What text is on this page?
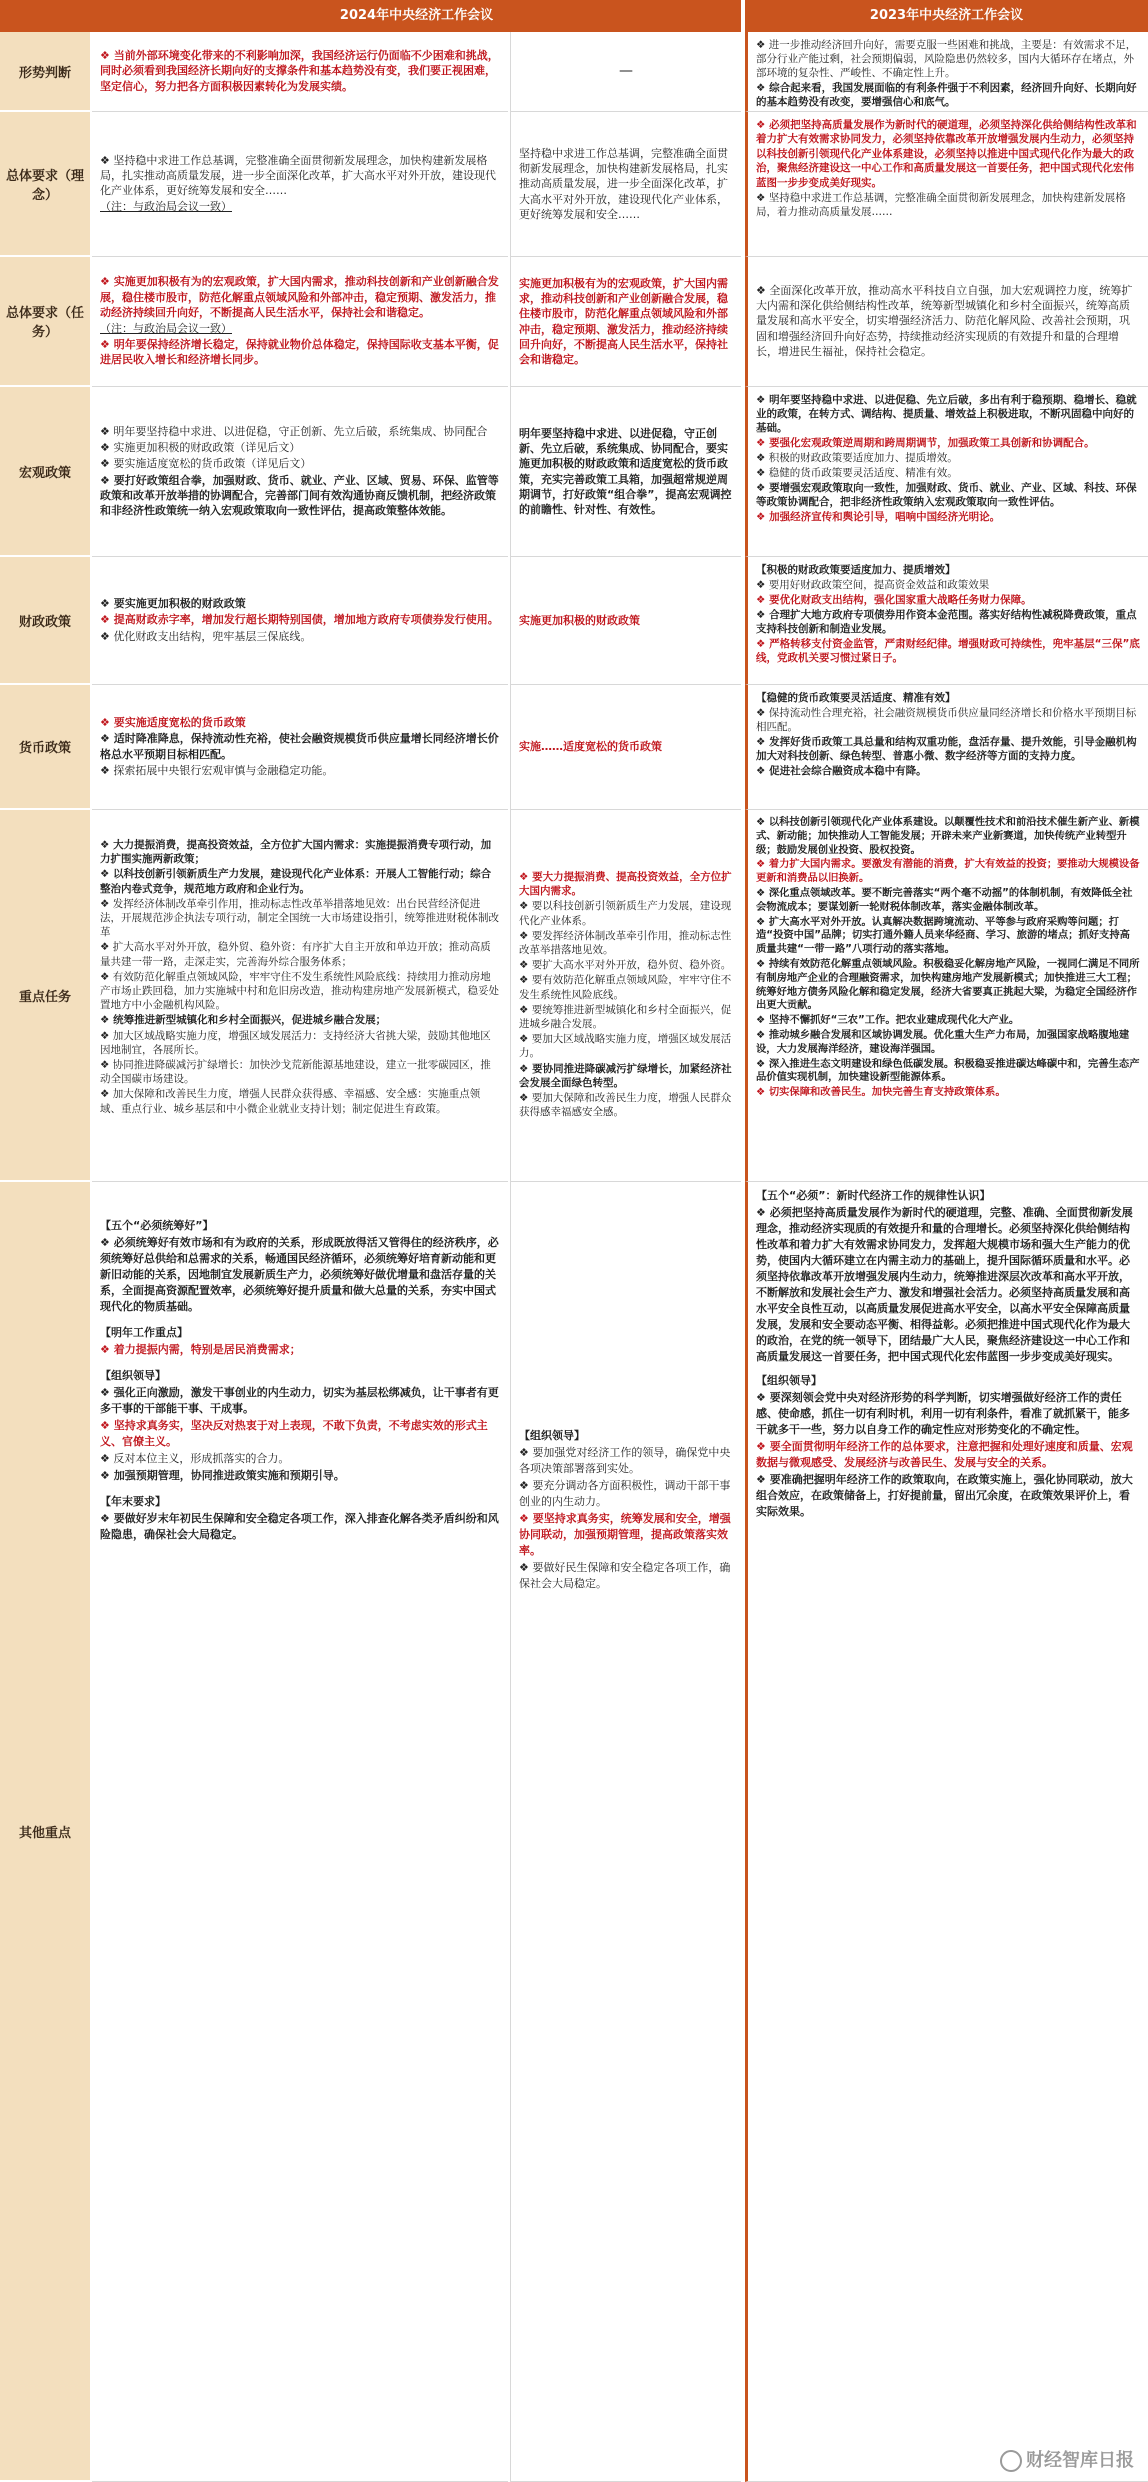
2024年中央经济工作会议	2023年中央经济工作会议
形势判断

❖ 当前外部环境变化带来的不利影响加深，我国经济运行仍面临不少困难和挑战，同时必须看到我国经济长期向好的支撑条件和基本趋势没有变，我们要正视困难，坚定信心，努力把各方面积极因素转化为发展实绩。

—

❖ 进一步推动经济回升向好，需要克服一些困难和挑战，主要是：有效需求不足，部分行业产能过剩，社会预期偏弱，风险隐患仍然较多，国内大循环存在堵点，外部环境的复杂性、严峻性、不确定性上升。

❖ 综合起来看，我国发展面临的有利条件强于不利因素，经济回升向好、长期向好的基本趋势没有改变，要增强信心和底气。

总体要求（理念）

❖ 坚持稳中求进工作总基调，完整准确全面贯彻新发展理念，加快构建新发展格局，扎实推动高质量发展，进一步全面深化改革，扩大高水平对外开放，建设现代化产业体系，更好统筹发展和安全……

（注：与政治局会议一致）

坚持稳中求进工作总基调，完整准确全面贯彻新发展理念，加快构建新发展格局，扎实推动高质量发展，进一步全面深化改革，扩大高水平对外开放，建设现代化产业体系，更好统筹发展和安全……

❖ 必须把坚持高质量发展作为新时代的硬道理，必须坚持深化供给侧结构性改革和着力扩大有效需求协同发力，必须坚持依靠改革开放增强发展内生动力，必须坚持以科技创新引领现代化产业体系建设，必须坚持以推进中国式现代化作为最大的政治，聚焦经济建设这一中心工作和高质量发展这一首要任务，把中国式现代化宏伟蓝图一步步变成美好现实。

❖ 坚持稳中求进工作总基调，完整准确全面贯彻新发展理念，加快构建新发展格局，着力推动高质量发展……

总体要求（任务）

❖ 实施更加积极有为的宏观政策，扩大国内需求，推动科技创新和产业创新融合发展，稳住楼市股市，防范化解重点领域风险和外部冲击，稳定预期、激发活力，推动经济持续回升向好，不断提高人民生活水平，保持社会和谐稳定。

（注：与政治局会议一致）

❖ 明年要保持经济增长稳定，保持就业物价总体稳定，保持国际收支基本平衡，促进居民收入增长和经济增长同步。

实施更加积极有为的宏观政策，扩大国内需求，推动科技创新和产业创新融合发展，稳住楼市股市，防范化解重点领域风险和外部冲击，稳定预期、激发活力，推动经济持续回升向好，不断提高人民生活水平，保持社会和谐稳定。

❖ 全面深化改革开放，推动高水平科技自立自强，加大宏观调控力度，统筹扩大内需和深化供给侧结构性改革，统筹新型城镇化和乡村全面振兴，统筹高质量发展和高水平安全，切实增强经济活力、防范化解风险、改善社会预期，巩固和增强经济回升向好态势，持续推动经济实现质的有效提升和量的合理增长，增进民生福祉，保持社会稳定。

宏观政策

❖ 明年要坚持稳中求进、以进促稳，守正创新、先立后破，系统集成、协同配合

❖ 实施更加积极的财政政策（详见后文）

❖ 要实施适度宽松的货币政策（详见后文）

❖ 要打好政策组合拳，加强财政、货币、就业、产业、区域、贸易、环保、监管等政策和改革开放举措的协调配合，完善部门间有效沟通协商反馈机制，把经济政策和非经济性政策统一纳入宏观政策取向一致性评估，提高政策整体效能。

明年要坚持稳中求进、以进促稳，守正创新、先立后破，系统集成、协同配合，要实施更加积极的财政政策和适度宽松的货币政策，充实完善政策工具箱，加强超常规逆周期调节，打好政策“组合拳”，提高宏观调控的前瞻性、针对性、有效性。

❖ 明年要坚持稳中求进、以进促稳、先立后破，多出有利于稳预期、稳增长、稳就业的政策，在转方式、调结构、提质量、增效益上积极进取，不断巩固稳中向好的基础。

❖ 要强化宏观政策逆周期和跨周期调节，加强政策工具创新和协调配合。

❖ 积极的财政政策要适度加力、提质增效。

❖ 稳健的货币政策要灵活适度、精准有效。

❖ 要增强宏观政策取向一致性，加强财政、货币、就业、产业、区域、科技、环保等政策协调配合，把非经济性政策纳入宏观政策取向一致性评估。

❖ 加强经济宣传和舆论引导，唱响中国经济光明论。

财政政策

❖ 要实施更加积极的财政政策

❖ 提高财政赤字率，增加发行超长期特别国债，增加地方政府专项债券发行使用。

❖ 优化财政支出结构，兜牢基层三保底线。

实施更加积极的财政政策

【积极的财政政策要适度加力、提质增效】

❖ 要用好财政政策空间，提高资金效益和政策效果

❖ 要优化财政支出结构，强化国家重大战略任务财力保障。

❖ 合理扩大地方政府专项债券用作资本金范围。落实好结构性减税降费政策，重点支持科技创新和制造业发展。

❖ 严格转移支付资金监管，严肃财经纪律。增强财政可持续性，兜牢基层“三保”底线，党政机关要习惯过紧日子。

货币政策

❖ 要实施适度宽松的货币政策

❖ 适时降准降息，保持流动性充裕，使社会融资规模货币供应量增长同经济增长价格总水平预期目标相匹配。

❖ 探索拓展中央银行宏观审慎与金融稳定功能。

实施……适度宽松的货币政策

【稳健的货币政策要灵活适度、精准有效】

❖ 保持流动性合理充裕，社会融资规模货币供应量同经济增长和价格水平预期目标相匹配。

❖ 发挥好货币政策工具总量和结构双重功能，盘活存量、提升效能，引导金融机构加大对科技创新、绿色转型、普惠小微、数字经济等方面的支持力度。

❖ 促进社会综合融资成本稳中有降。

重点任务

❖ 大力提振消费，提高投资效益，全方位扩大国内需求：实施提振消费专项行动，加力扩围实施两新政策；

❖ 以科技创新引领新质生产力发展，建设现代化产业体系：开展人工智能行动；综合整治内卷式竞争，规范地方政府和企业行为。

❖ 发挥经济体制改革牵引作用，推动标志性改革举措落地见效：出台民营经济促进法，开展规范涉企执法专项行动，制定全国统一大市场建设指引，统筹推进财税体制改革

❖ 扩大高水平对外开放，稳外贸、稳外资：有序扩大自主开放和单边开放；推动高质量共建一带一路，走深走实，完善海外综合服务体系；

❖ 有效防范化解重点领域风险，牢牢守住不发生系统性风险底线：持续用力推动房地产市场止跌回稳，加力实施城中村和危旧房改造，推动构建房地产发展新模式，稳妥处置地方中小金融机构风险。

❖ 统筹推进新型城镇化和乡村全面振兴，促进城乡融合发展；

❖ 加大区域战略实施力度，增强区域发展活力：支持经济大省挑大梁，鼓励其他地区因地制宜，各展所长。

❖ 协同推进降碳减污扩绿增长：加快沙戈荒新能源基地建设，建立一批零碳园区，推动全国碳市场建设。

❖ 加大保障和改善民生力度，增强人民群众获得感、幸福感、安全感：实施重点领域、重点行业、城乡基层和中小微企业就业支持计划；制定促进生育政策。

❖ 要大力提振消费、提高投资效益，全方位扩大国内需求。

❖ 要以科技创新引领新质生产力发展，建设现代化产业体系。

❖ 要发挥经济体制改革牵引作用，推动标志性改革举措落地见效。

❖ 要扩大高水平对外开放，稳外贸、稳外资。

❖ 要有效防范化解重点领域风险，牢牢守住不发生系统性风险底线。

❖ 要统筹推进新型城镇化和乡村全面振兴，促进城乡融合发展。

❖ 要加大区域战略实施力度，增强区域发展活力。

❖ 要协同推进降碳减污扩绿增长，加紧经济社会发展全面绿色转型。

❖ 要加大保障和改善民生力度，增强人民群众获得感幸福感安全感。

❖ 以科技创新引领现代化产业体系建设。以颠覆性技术和前沿技术催生新产业、新模式、新动能；加快推动人工智能发展；开辟未来产业新赛道，加快传统产业转型升级；鼓励发展创业投资、股权投资。

❖ 着力扩大国内需求。要激发有潜能的消费，扩大有效益的投资；要推动大规模设备更新和消费品以旧换新。

❖ 深化重点领域改革。要不断完善落实“两个毫不动摇”的体制机制，有效降低全社会物流成本；要谋划新一轮财税体制改革，落实金融体制改革。

❖ 扩大高水平对外开放。认真解决数据跨境流动、平等参与政府采购等问题；打造“投资中国”品牌；切实打通外籍人员来华经商、学习、旅游的堵点；抓好支持高质量共建“一带一路”八项行动的落实落地。

❖ 持续有效防范化解重点领域风险。积极稳妥化解房地产风险，一视同仁满足不同所有制房地产企业的合理融资需求，加快构建房地产发展新模式；加快推进三大工程；统筹好地方债务风险化解和稳定发展，经济大省要真正挑起大梁，为稳定全国经济作出更大贡献。

❖ 坚持不懈抓好“三农”工作。把农业建成现代化大产业。

❖ 推动城乡融合发展和区域协调发展。优化重大生产力布局，加强国家战略腹地建设，大力发展海洋经济，建设海洋强国。

❖ 深入推进生态文明建设和绿色低碳发展。积极稳妥推进碳达峰碳中和，完善生态产品价值实现机制，加快建设新型能源体系。

❖ 切实保障和改善民生。加快完善生育支持政策体系。

其他重点

【五个“必须统筹好”】

❖ 必须统筹好有效市场和有为政府的关系，形成既放得活又管得住的经济秩序，必须统筹好总供给和总需求的关系，畅通国民经济循环，必须统筹好培育新动能和更新旧动能的关系，因地制宜发展新质生产力，必须统筹好做优增量和盘活存量的关系，全面提高资源配置效率，必须统筹好提升质量和做大总量的关系，夯实中国式现代化的物质基础。

【明年工作重点】

❖ 着力提振内需，特别是居民消费需求；

【组织领导】

❖ 强化正向激励，激发干事创业的内生动力，切实为基层松绑减负，让干事者有更多干事的干部能干事、干成事。

❖ 坚持求真务实，坚决反对热衷于对上表现，不敢下负责，不考虑实效的形式主义、官僚主义。

❖ 反对本位主义，形成抓落实的合力。

❖ 加强预期管理，协同推进政策实施和预期引导。

【年末要求】

❖ 要做好岁末年初民生保障和安全稳定各项工作，深入排查化解各类矛盾纠纷和风险隐患，确保社会大局稳定。

【组织领导】

❖ 要加强党对经济工作的领导，确保党中央各项决策部署落到实处。

❖ 要充分调动各方面积极性，调动干部干事创业的内生动力。

❖ 要坚持求真务实，统筹发展和安全，增强协同联动，加强预期管理，提高政策落实效率。

❖ 要做好民生保障和安全稳定各项工作，确保社会大局稳定。

【五个“必须”：新时代经济工作的规律性认识】

❖ 必须把坚持高质量发展作为新时代的硬道理，完整、准确、全面贯彻新发展理念，推动经济实现质的有效提升和量的合理增长。必须坚持深化供给侧结构性改革和着力扩大有效需求协同发力，发挥超大规模市场和强大生产能力的优势，使国内大循环建立在内需主动力的基础上，提升国际循环质量和水平。必须坚持依靠改革开放增强发展内生动力，统筹推进深层次改革和高水平开放，不断解放和发展社会生产力、激发和增强社会活力。必须坚持高质量发展和高水平安全良性互动，以高质量发展促进高水平安全，以高水平安全保障高质量发展，发展和安全要动态平衡、相得益彰。必须把推进中国式现代化作为最大的政治，在党的统一领导下，团结最广大人民，聚焦经济建设这一中心工作和高质量发展这一首要任务，把中国式现代化宏伟蓝图一步步变成美好现实。

【组织领导】

❖ 要深刻领会党中央对经济形势的科学判断，切实增强做好经济工作的责任感、使命感，抓住一切有利时机，利用一切有利条件，看准了就抓紧干，能多干就多干一些，努力以自身工作的确定性应对形势变化的不确定性。

❖ 要全面贯彻明年经济工作的总体要求，注意把握和处理好速度和质量、宏观数据与微观感受、发展经济与改善民生、发展与安全的关系。

❖ 要准确把握明年经济工作的政策取向，在政策实施上，强化协同联动，放大组合效应，在政策储备上，打好提前量，留出冗余度，在政策效果评价上，看实际效果。

财经智库日报
